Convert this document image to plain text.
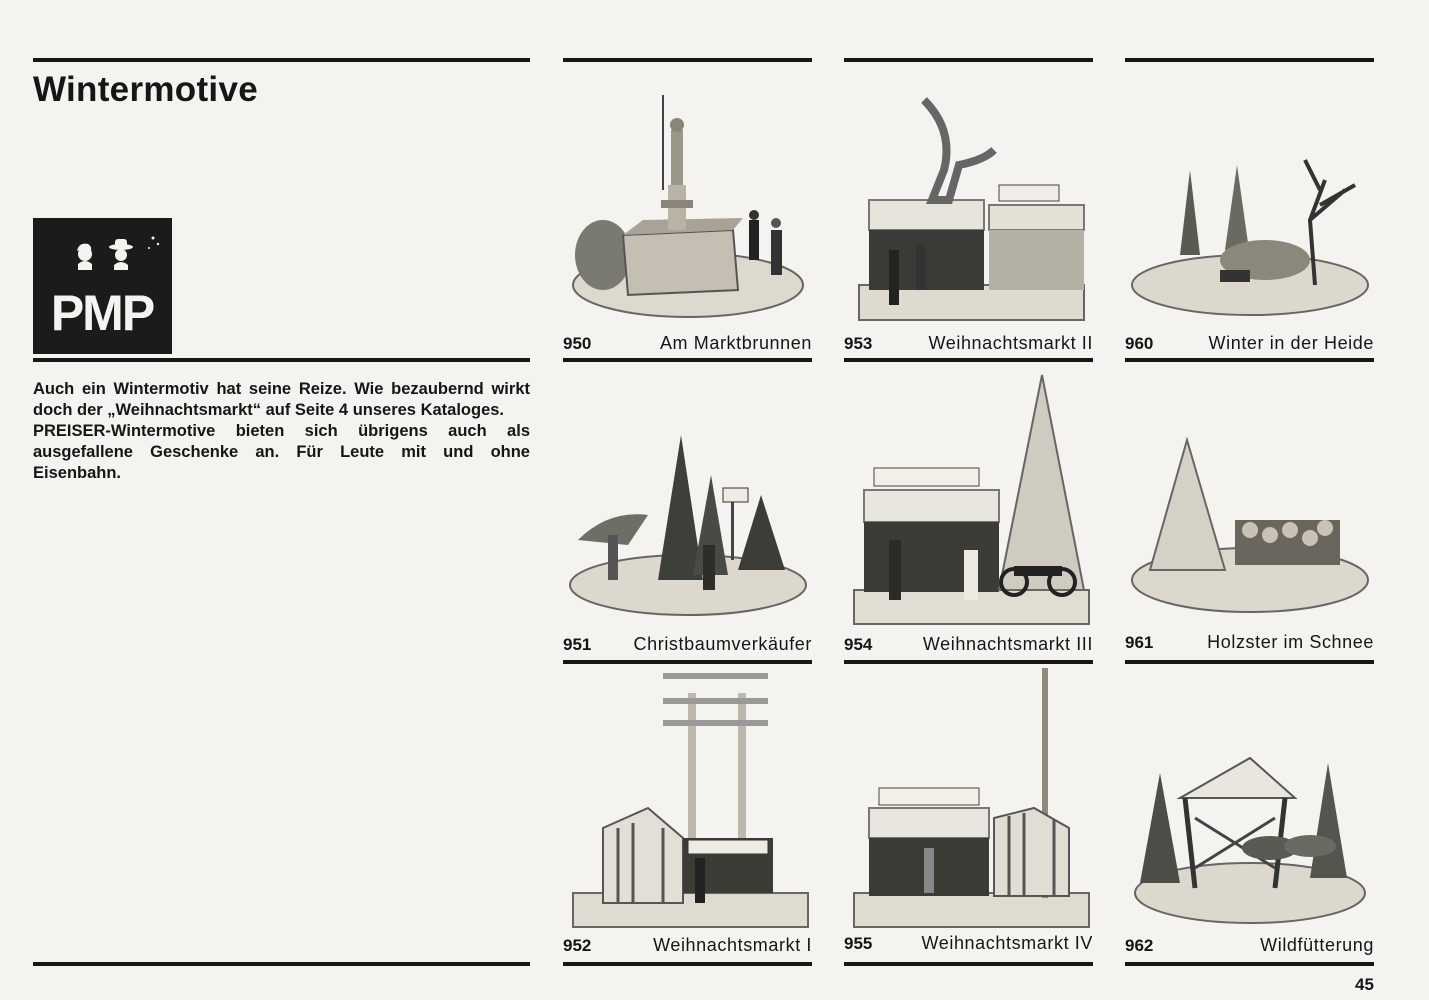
Wintermotive
PMP

Auch ein Wintermotiv hat seine Reize. Wie bezaubernd wirkt doch der „Weihnachtsmarkt“ auf Seite 4 unseres Kataloges.

PREISER-Wintermotive bieten sich übrigens auch als ausgefallene Geschenke an. Für Leute mit und ohne Eisenbahn.

950	Am Marktbrunnen 953	Weihnachtsmarkt II 960	Winter in der Heide
951 Christbaumverkäufer 954	Weihnachtsmarkt III 961	Holzster im Schnee
952	Weihnachtsmarkt I 955	Weihnachtsmarkt IV 962	Wildfütterung
45
